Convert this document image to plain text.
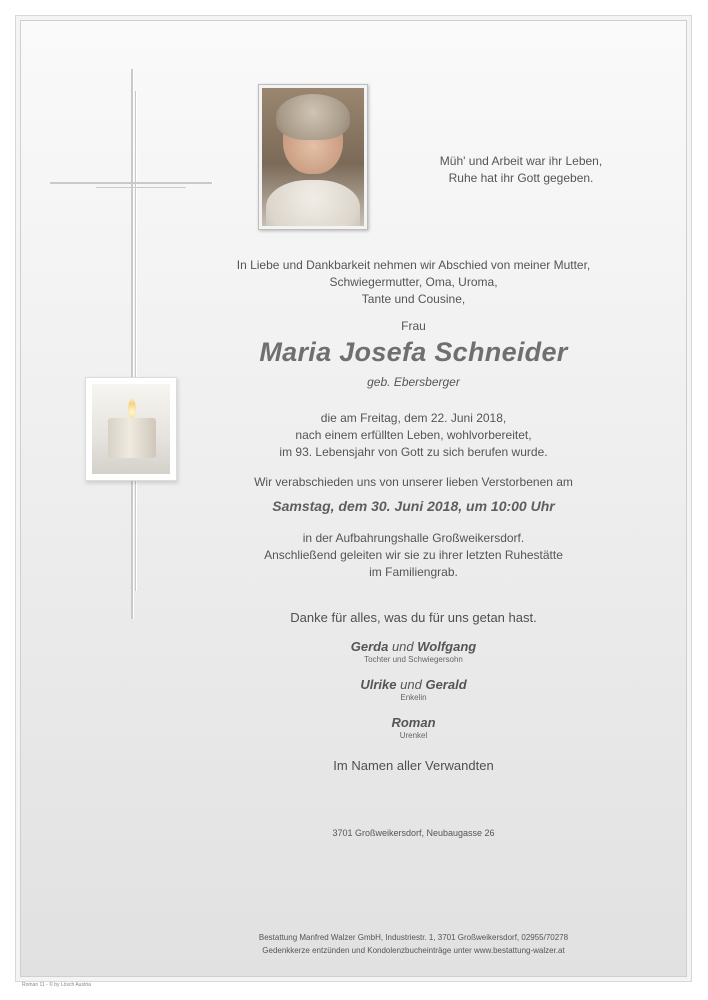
Müh' und Arbeit war ihr Leben,
Ruhe hat ihr Gott gegeben.
In Liebe und Dankbarkeit nehmen wir Abschied von meiner Mutter,
Schwiegermutter, Oma, Uroma,
Tante und Cousine,
Frau
Maria Josefa Schneider
geb. Ebersberger
die am Freitag, dem 22. Juni 2018,
nach einem erfüllten Leben, wohlvorbereitet,
im 93. Lebensjahr von Gott zu sich berufen wurde.
Wir verabschieden uns von unserer lieben Verstorbenen am
Samstag, dem 30. Juni 2018, um 10:00 Uhr
in der Aufbahrungshalle Großweikersdorf.
Anschließend geleiten wir sie zu ihrer letzten Ruhestätte
im Familiengrab.
Danke für alles, was du für uns getan hast.
Gerda und Wolfgang
Tochter und Schwiegersohn
Ulrike und Gerald
Enkelin
Roman
Urenkel
Im Namen aller Verwandten
3701 Großweikersdorf, Neubaugasse 26
Bestattung Manfred Walzer GmbH, Industriestr. 1, 3701 Großweikersdorf, 02955/70278
Gedenkkerze entzünden und Kondolenzbucheinträge unter www.bestattung-walzer.at
Roman 11 - © by Lösch Austria
